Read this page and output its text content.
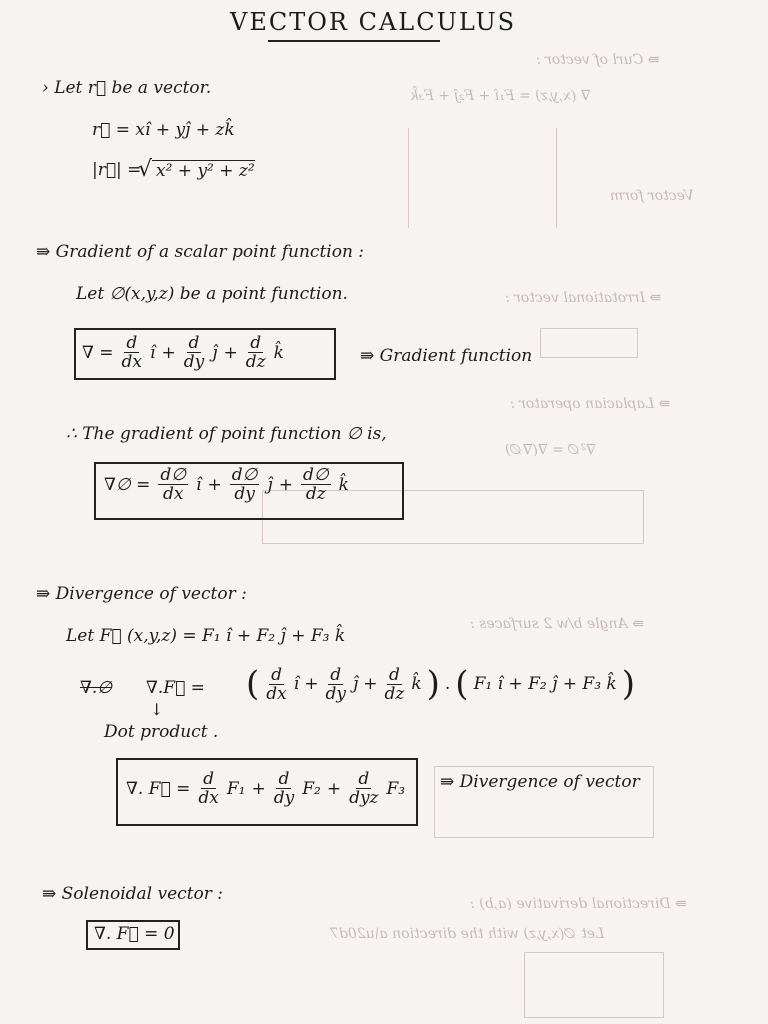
⇛ Curl of vector :
∇ (x,y,z) = F₁î + F₂ĵ + F₃k̂
Vector form
⇛ Irrotational vector :
⇛ Laplacian operator :
∇²∅ = ∇(∇∅)
⇛ Angle b/w 2 surfaces :
⇛ Directional derivative (a,b) :
Let ∅(x,y,z) with the direction a\u20d7
VECTOR CALCULUS
› Let r⃗ be a vector.
r⃗ = xî + yĵ + zk̂
|r⃗| =
√ x² + y² + z²
⇛ Gradient of a scalar point function :
Let ∅(x,y,z) be a point function.
∇ = $\frac{d}{dx}$ î + $\frac{d}{dy}$ ĵ + $\frac{d}{dz}$ k̂	⇛ Gradient function
∴ The gradient of point function ∅ is,
∇∅ = $\frac{d\emptyset}{dx}$ î + $\frac{d\emptyset}{dy}$ ĵ + $\frac{d\emptyset}{dz}$ k̂
⇛ Divergence of vector :
Let F⃗ (x,y,z) = F₁ î + F₂ ĵ + F₃ k̂
∇.∅ ∇.F⃗ = ( $\frac{d}{dx}$ î + $\frac{d}{dy}$ ĵ + $\frac{d}{dz}$ k̂ ) . ( F₁ î + F₂ ĵ + F₃ k̂ )
↓
Dot product .
∇. F⃗ = $\frac{d}{dx} F_1 + \frac{d}{dy} F_2 + \frac{d}{\text{dyz}} F_3$ ⇛ Divergence of vector
⇛ Solenoidal vector :
∇. F⃗ = 0
